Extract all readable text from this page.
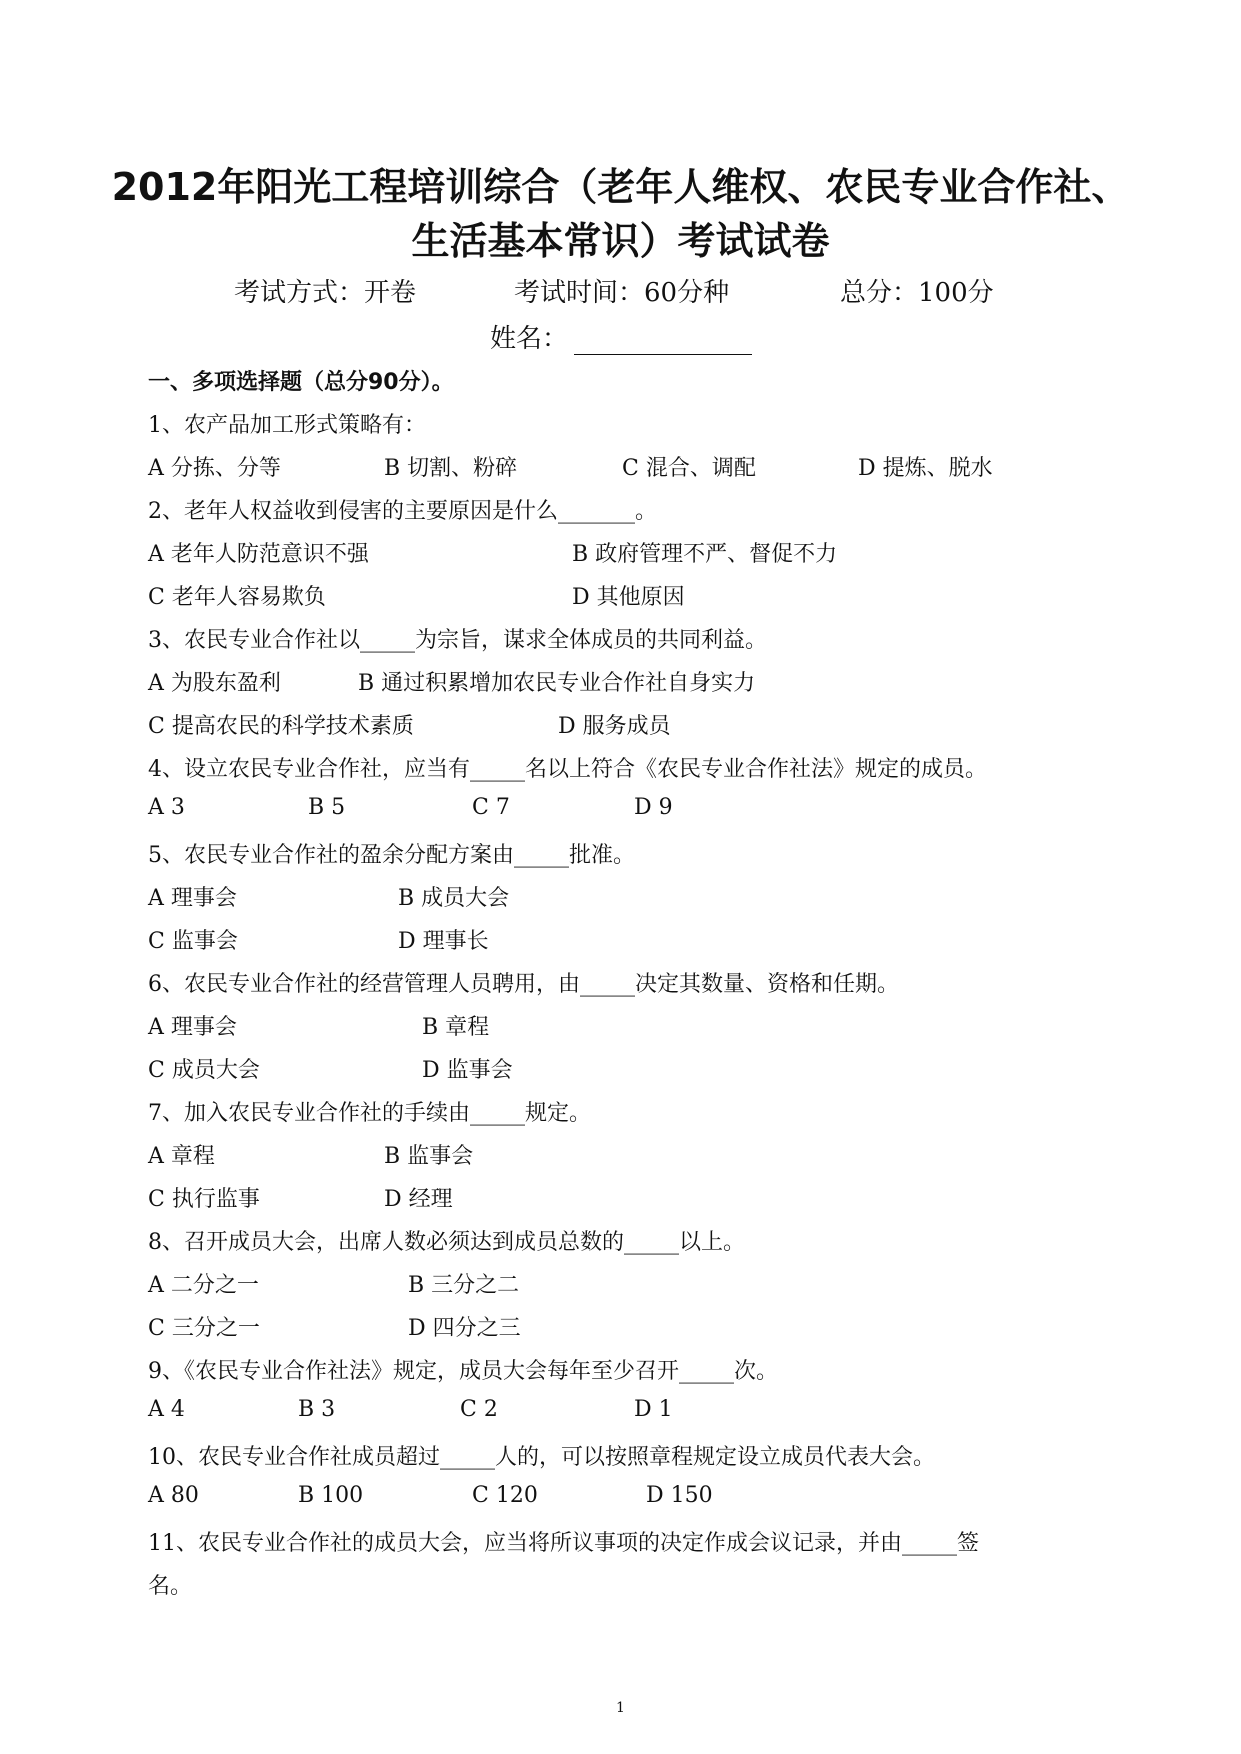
2012年阳光工程培训综合（老年人维权、农民专业合作社、
生活基本常识）考试试卷
考试方式：开卷	考试时间：60分种	总分：100分
姓名：
一、多项选择题（总分90分）。
1、农产品加工形式策略有：
A 分拣、分等	B 切割、粉碎	C 混合、调配	D 提炼、脱水
2、老年人权益收到侵害的主要原因是什么_______。
A 老年人防范意识不强	B 政府管理不严、督促不力
C 老年人容易欺负	D 其他原因
3、农民专业合作社以_____为宗旨，谋求全体成员的共同利益。
A 为股东盈利	B 通过积累增加农民专业合作社自身实力
C 提高农民的科学技术素质	D 服务成员
4、设立农民专业合作社，应当有_____名以上符合《农民专业合作社法》规定的成员。
A 3	B 5	C 7	D 9
5、农民专业合作社的盈余分配方案由_____批准。
A 理事会	B 成员大会
C 监事会	D 理事长
6、农民专业合作社的经营管理人员聘用，由_____决定其数量、资格和任期。
A 理事会	B 章程
C 成员大会	D 监事会
7、加入农民专业合作社的手续由_____规定。
A 章程	B 监事会
C 执行监事	D 经理
8、召开成员大会，出席人数必须达到成员总数的_____以上。
A 二分之一	B 三分之二
C 三分之一	D 四分之三
9、《农民专业合作社法》规定，成员大会每年至少召开_____次。
A 4	B 3	C 2	D 1
10、农民专业合作社成员超过_____人的，可以按照章程规定设立成员代表大会。
A 80	B 100	C 120	D 150
11、农民专业合作社的成员大会，应当将所议事项的决定作成会议记录，并由_____签
名。
1
